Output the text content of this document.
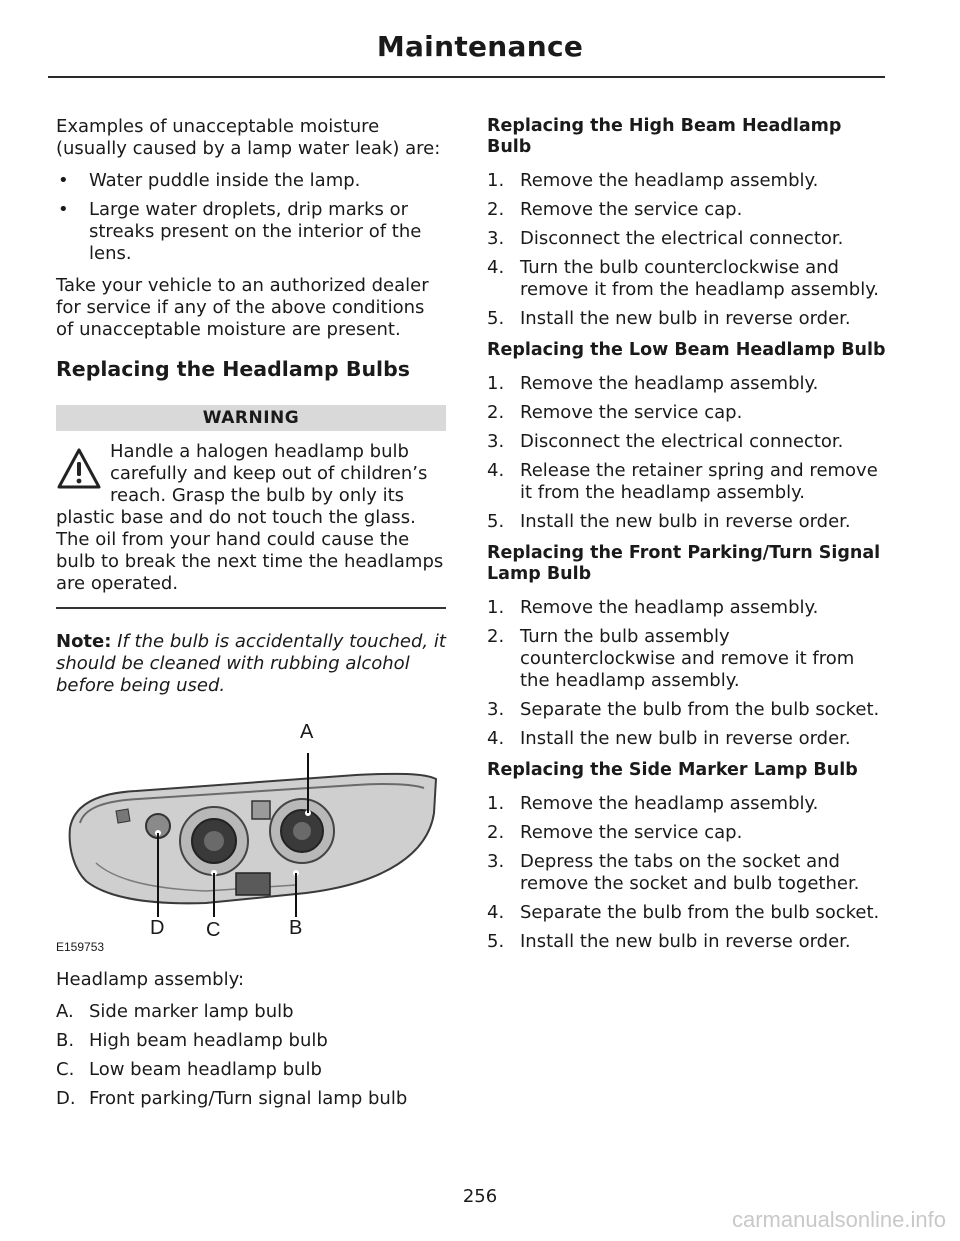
Maintenance

Examples of unacceptable moisture (usually caused by a lamp water leak) are:

• Water puddle inside the lamp.
• Large water droplets, drip marks or streaks present on the interior of the lens.

Take your vehicle to an authorized dealer for service if any of the above conditions of unacceptable moisture are present.

Replacing the Headlamp Bulbs
WARNING
Handle a halogen headlamp bulb carefully and keep out of children’s reach. Grasp the bulb by only its plastic base and do not touch the glass. The oil from your hand could cause the bulb to break the next time the headlamps are operated.

Note: If the bulb is accidentally touched, it should be cleaned with rubbing alcohol before being used.

A
B
C
D
E159753

Headlamp assembly:

A. Side marker lamp bulb
B. High beam headlamp bulb
C. Low beam headlamp bulb
D. Front parking/Turn signal lamp bulb
Replacing the High Beam Headlamp Bulb
1. Remove the headlamp assembly.
2. Remove the service cap.
3. Disconnect the electrical connector.
4. Turn the bulb counterclockwise and remove it from the headlamp assembly.
5. Install the new bulb in reverse order.
Replacing the Low Beam Headlamp Bulb
1. Remove the headlamp assembly.
2. Remove the service cap.
3. Disconnect the electrical connector.
4. Release the retainer spring and remove it from the headlamp assembly.
5. Install the new bulb in reverse order.
Replacing the Front Parking/Turn Signal Lamp Bulb
1. Remove the headlamp assembly.
2. Turn the bulb assembly counterclockwise and remove it from the headlamp assembly.
3. Separate the bulb from the bulb socket.
4. Install the new bulb in reverse order.
Replacing the Side Marker Lamp Bulb
1. Remove the headlamp assembly.
2. Remove the service cap.
3. Depress the tabs on the socket and remove the socket and bulb together.
4. Separate the bulb from the bulb socket.
5. Install the new bulb in reverse order.
256
carmanualsonline.info
